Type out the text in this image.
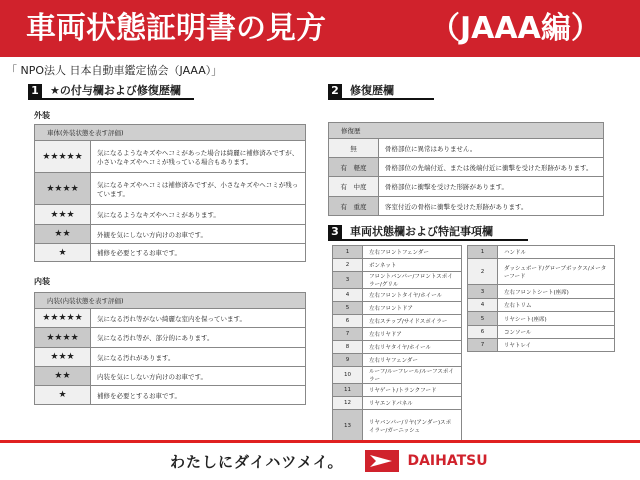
車両状態証明書の見方	（JAAA編）
「 NPO法人 日本自動車鑑定協会（JAAA）」
1 ★の付与欄および修復歴欄
外装
車体(外装状態を表す評価)	
★★★★★	気になるようなキズやヘコミがあった場合は綺麗に補修済みですが、小さいなキズやヘコミが残っている場合もあります。
★★★★	気になるキズやヘコミは補修済みですが、小さなキズやヘコミが残っています。
★★★	気になるようなキズやヘコミがあります。
★★	外観を気にしない方向けのお車です。
★	補修を必要とするお車です。
内装
内装(内装状態を表す評価)	
★★★★★	気になる汚れ等がない綺麗な室内を保っています。
★★★★	気になる汚れ等が、部分的にあります。
★★★	気になる汚れがあります。
★★	内装を気にしない方向けのお車です。
★	補修を必要とするお車です。
2 修復歴欄
修復歴	
無	骨格部位に異常はありません。
有　軽度	骨格部位の先端付近、または後端付近に衝撃を受けた形跡があります。
有　中度	骨格部位に衝撃を受けた形跡があります。
有　重度	客室付近の骨格に衝撃を受けた形跡があります。
3 車両状態欄および特記事項欄
1	左右フロントフェンダー
2	ボンネット
3	フロントバンパー/フロントスポイラー/グリル
4	左右フロントタイヤ/ホイール
5	左右フロントドア
6	左右ステップ/サイドスポイラー
7	左右リヤドア
8	左右リヤタイヤ/ホイール
9	左右リヤフェンダー
10	ルーフ/ルーフレール/ルーフスポイラー
11	リヤゲート/トランクフード
12	リヤエンドパネル
13	リヤバンパー/リヤ(アンダー)スポイラー/ガーニッシュ
1	ハンドル
2	ダッシュボード/グローブボックス/メーターフード
3	左右フロントシート(座席)
4	左右トリム
5	リヤシート(座席)
6	コンソール
7	リヤトレイ
わたしにダイハツメイ。	DAIHATSU
